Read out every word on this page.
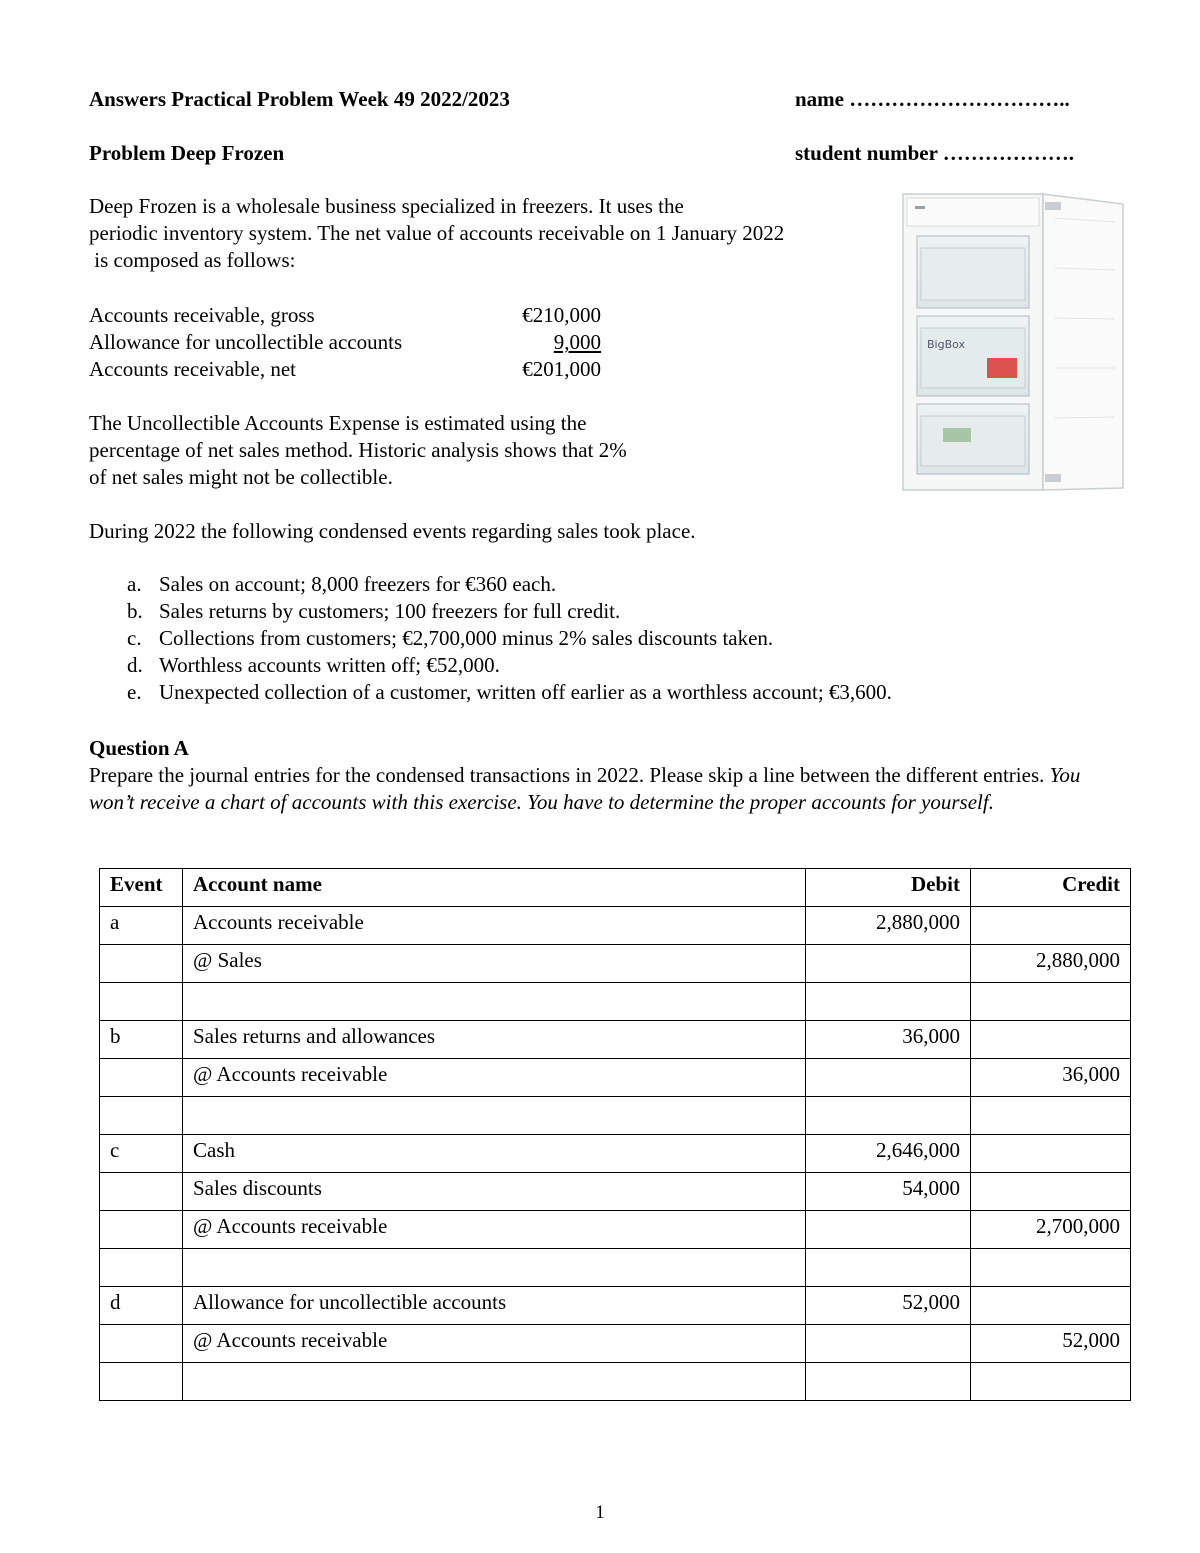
Answers Practical Problem Week 49 2022/2023	name …………………………..
Problem Deep Frozen	student number ……………….
Deep Frozen is a wholesale business specialized in freezers. It uses the
periodic inventory system. The net value of accounts receivable on 1 January 2022
is composed as follows:
Accounts receivable, gross	€210,000
Allowance for uncollectible accounts	9,000
Accounts receivable, net	€201,000
The Uncollectible Accounts Expense is estimated using the
percentage of net sales method. Historic analysis shows that 2%
of net sales might not be collectible.
BigBox
During 2022 the following condensed events regarding sales took place.
a. Sales on account; 8,000 freezers for €360 each.
b. Sales returns by customers; 100 freezers for full credit.
c. Collections from customers; €2,700,000 minus 2% sales discounts taken.
d. Worthless accounts written off; €52,000.
e. Unexpected collection of a customer, written off earlier as a worthless account; €3,600.
Question A
Prepare the journal entries for the condensed transactions in 2022. Please skip a line between the different entries. You won’t receive a chart of accounts with this exercise. You have to determine the proper accounts for yourself.
Event	Account name	Debit	Credit
a	Accounts receivable	2,880,000	
	@ Sales		2,880,000

b	Sales returns and allowances	36,000	
	@ Accounts receivable		36,000

c	Cash	2,646,000	
	Sales discounts	54,000	
	@ Accounts receivable		2,700,000

d	Allowance for uncollectible accounts	52,000	
	@ Accounts receivable		52,000

1
